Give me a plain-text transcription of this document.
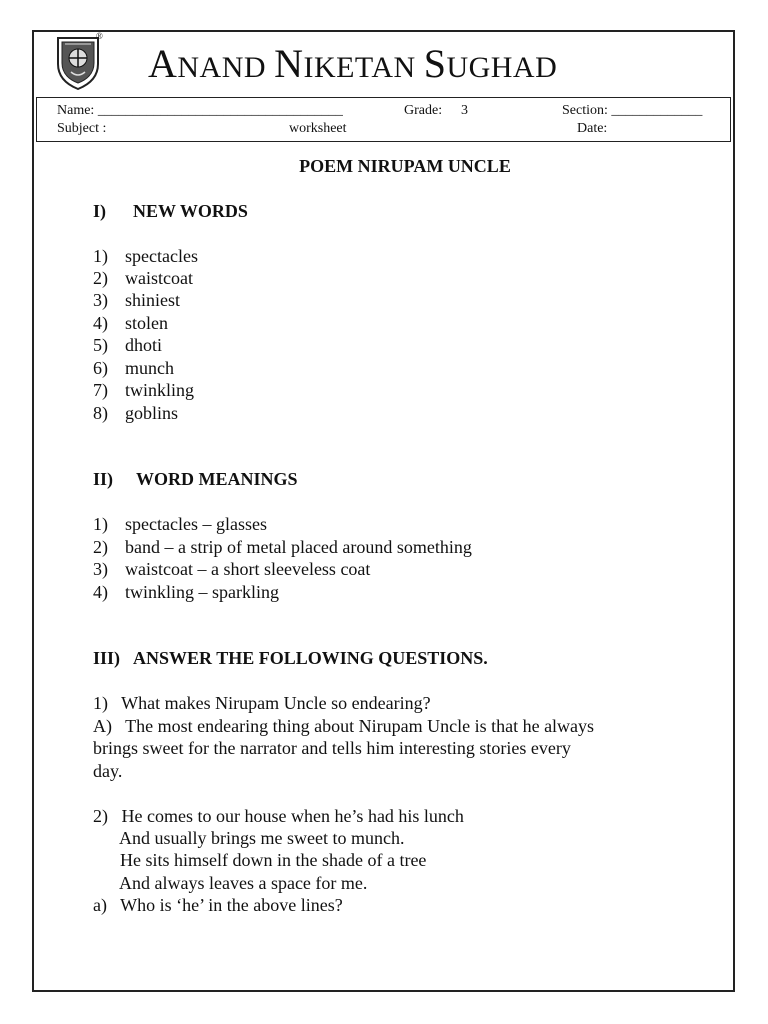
®
ANAND NIKETAN SUGHAD
Name: ___________________________________	Grade: 3	Section: _____________
Subject :	worksheet	Date:
POEM NIRUPAM UNCLE
I) NEW WORDS
1) spectacles
2) waistcoat
3) shiniest
4) stolen
5) dhoti
6) munch
7) twinkling
8) goblins
II) WORD MEANINGS
1) spectacles – glasses
2) band – a strip of metal placed around something
3) waistcoat – a short sleeveless coat
4) twinkling – sparkling
III) ANSWER THE FOLLOWING QUESTIONS.
1)   What makes Nirupam Uncle so endearing?
A)   The most endearing thing about Nirupam Uncle is that he always
brings sweet for the narrator and tells him interesting stories every
day.
2)   He comes to our house when he’s had his lunch
And usually brings me sweet to munch.
He sits himself down in the shade of a tree
And always leaves a space for me.
a)   Who is ‘he’ in the above lines?
